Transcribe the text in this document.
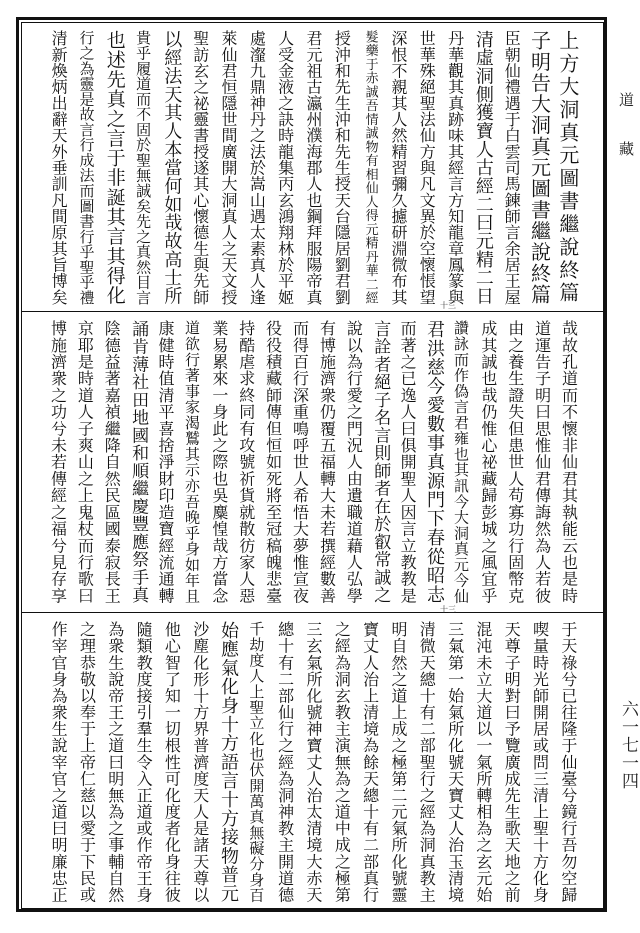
上方大洞真元圖書繼說終篇
子明告大洞真元圖書繼說終篇
臣朝仙禮遇于白雲司馬鍊師言余居王屋
清虛洞側獲寶人古經二曰元精二日
丹華觀其真跡味其經言方知龍章鳳篆與
世華殊絕聖法仙方與凡文異於空懷悵望
深恨不親其人然精習彌久攄研淵微布其
髮藥于赤誠吾情誠物有相仙人得元精丹華二經
授沖和先生沖和先生授天台隱居劉君劉
君元祖古瀛州濮海郡人也鋼拜服陽帝真
人受金液之訣時龍集丙玄鴻翔林於平姬
處瀣九鼎神丹之法於嵩山遇太素真人逢
萊仙君恒隱世間廣開大洞真人之天文授
聖訪玄之祕靈書授遂其心懷德生與先師
以經法天其人本當何如哉故高士所
貴乎履道而不固於聖無誠矣先之真然目言
也述先真之言于非誕其言其得化
行之為靈是故言行成法而圖書行乎聖乎禮
清新煥炳出辭天外垂訓凡間原其旨博矣
哉故孔道而不懷非仙君其執能云也是時
道運告子明曰思惟仙君傳誨然為人若彼
由之養生證失但患世人苟寡功行固幣克
成其誠也哉仍惟心祕藏歸彭城之風宜乎
讚詠而作偽言君雍也其訊今大洞真元今仙
君洪慈今愛數事真源門下春從昭志
而著之已逸人曰俱開聖人因言立教教是
言詮者絕子名言則師者在於叡常誠之
說以為行愛之門況人由遺職道藉人弘學
有博施濟衆仍覆五福轉大未若撰經數善
而得百行深重鳴呼世人希悟大夢惟宣夜
役役積藏師傳但恒如死將至冠稿魄悲臺
持酷虐求終同有攻號祈貨就散彷家人惡
業易累來一身此之際也吳麋惶哉方當念
道欲行著事家渴鷲其示亦吾晚乎身如年且
康健時值清平喜捨淨財印造寶經流通轉
誦肯薄社田地國和順繼慶豐應祭手真
陰德益著嘉禎繼降自然民區國泰寂長王
京耶是時道人子爽山之上鬼杖而行歌曰
博施濟衆之功兮未若傳經之福兮見存享
于天祿兮已往隆于仙臺兮鏡行吾勿空歸
喫量時光師開居或問三清上聖十方化身
天尊子明對曰予覽廣成先生歌天地之前
混沌未立大道以一氣所轉相為之玄元始
三氣第一始氣所化號天寶丈人治玉清境
清微天總十有二部聖行之經為洞真教主
明自然之道上成之極第二元氣所化號靈
寶丈人治上清境為餘天總十有二部真行
之經為洞玄教主演無為之道中成之極第
三玄氣所化號神寶丈人治太清境大赤天
總十有二部仙行之經為洞神教主開道德
千劫度人上聖立化也伏開萬真無礙分身百
始應氣化身十方語言十方接物普元
沙塵化形十方界普濟度天人是諸天尊以
他心智了知一切根性可化度者化身往彼
隨類教度接引羣生令入正道或作帝王身
為衆生說帝王之道曰明無為之事輔自然
之理恭敬以奉于上帝仁慈以愛于下民或
作宰官身為衆生說宰官之道曰明廉忠正
道藏
六一七一四
十三
十三
